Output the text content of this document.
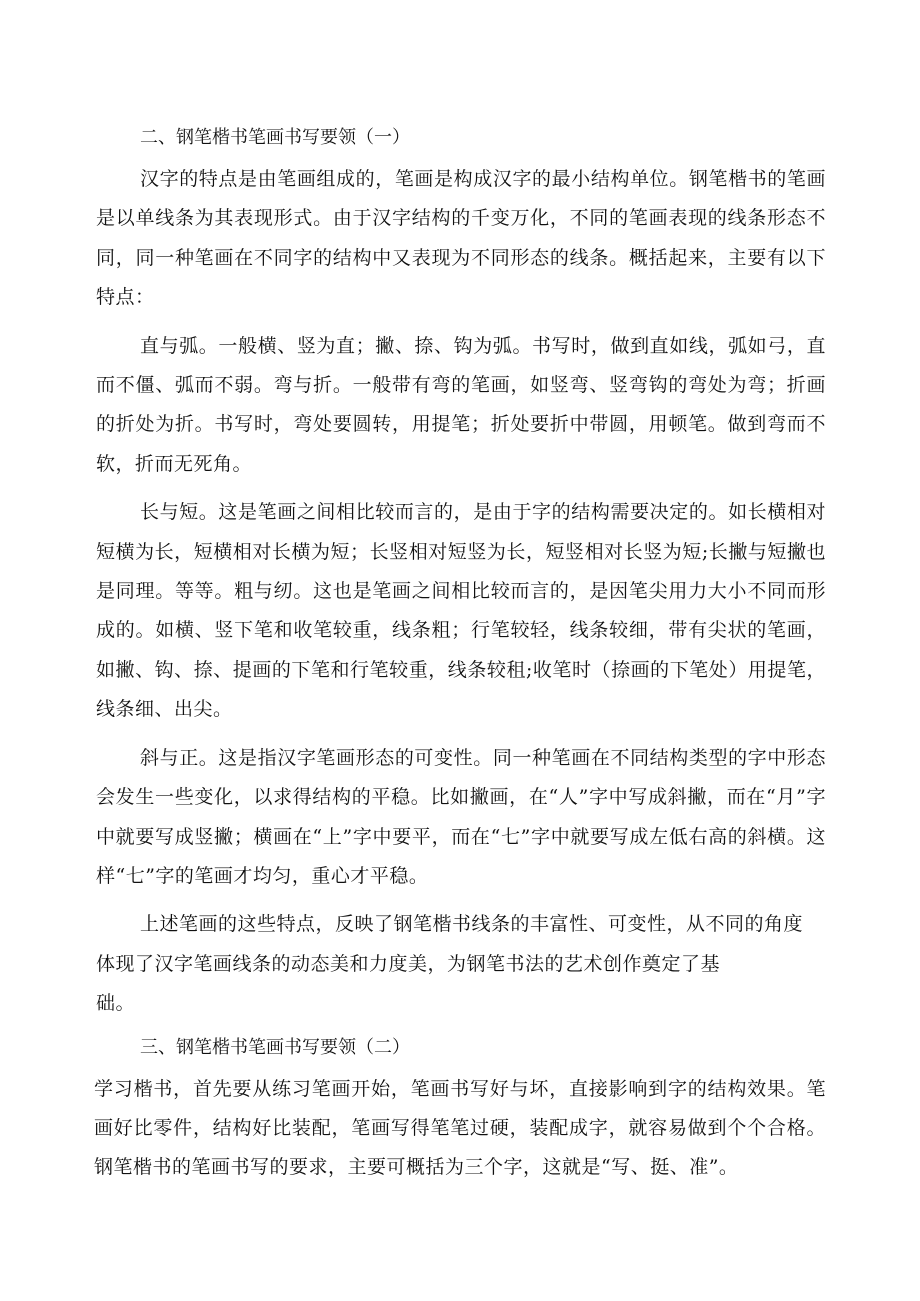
二、钢笔楷书笔画书写要领（一）

汉字的特点是由笔画组成的，笔画是构成汉字的最小结构单位。钢笔楷书的笔画是以单线条为其表现形式。由于汉字结构的千变万化，不同的笔画表现的线条形态不同，同一种笔画在不同字的结构中又表现为不同形态的线条。概括起来，主要有以下特点：

直与弧。一般横、竖为直；撇、捺、钩为弧。书写时，做到直如线，弧如弓，直而不僵、弧而不弱。弯与折。一般带有弯的笔画，如竖弯、竖弯钩的弯处为弯；折画的折处为折。书写时，弯处要圆转，用提笔；折处要折中带圆，用顿笔。做到弯而不软，折而无死角。

长与短。这是笔画之间相比较而言的，是由于字的结构需要决定的。如长横相对短横为长，短横相对长横为短；长竖相对短竖为长，短竖相对长竖为短;长撇与短撇也是同理。等等。粗与纫。这也是笔画之间相比较而言的，是因笔尖用力大小不同而形成的。如横、竖下笔和收笔较重，线条粗；行笔较轻，线条较细，带有尖状的笔画，如撇、钩、捺、提画的下笔和行笔较重，线条较租;收笔时（捺画的下笔处）用提笔，线条细、出尖。

斜与正。这是指汉字笔画形态的可变性。同一种笔画在不同结构类型的字中形态会发生一些变化，以求得结构的平稳。比如撇画，在“人”字中写成斜撇，而在“月”字中就要写成竖撇；横画在“上”字中要平，而在“七”字中就要写成左低右高的斜横。这样“七”字的笔画才均匀，重心才平稳。

上述笔画的这些特点，反映了钢笔楷书线条的丰富性、可变性，从不同的角度
体现了汉字笔画线条的动态美和力度美，为钢笔书法的艺术创作奠定了基
础。
三、钢笔楷书笔画书写要领（二）

学习楷书，首先要从练习笔画开始，笔画书写好与坏，直接影响到字的结构效果。笔画好比零件，结构好比装配，笔画写得笔笔过硬，装配成字，就容易做到个个合格。钢笔楷书的笔画书写的要求，主要可概括为三个字，这就是“写、挺、准”。
